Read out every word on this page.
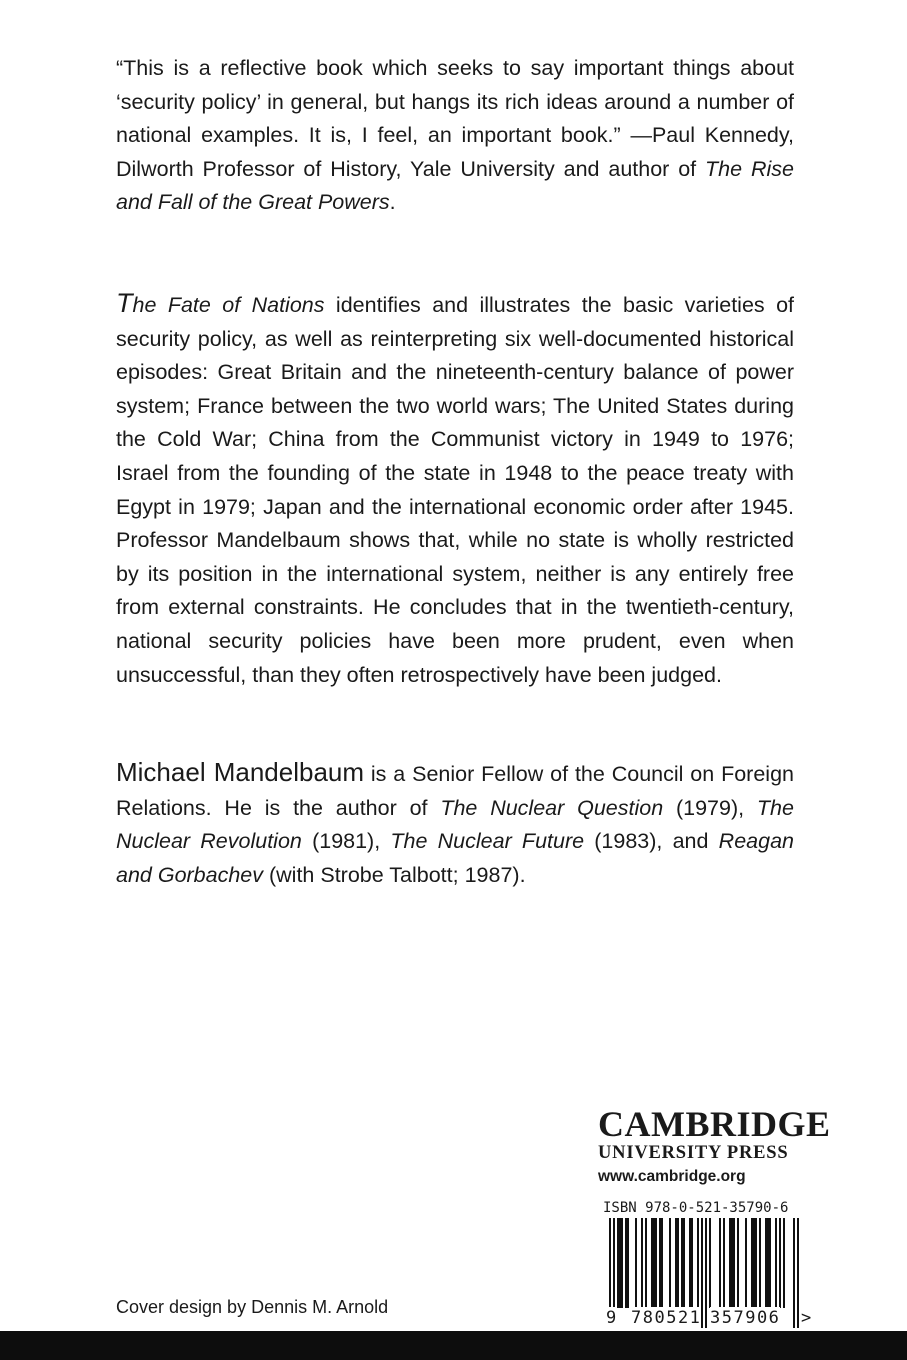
“This is a reflective book which seeks to say important things about ‘security policy’ in general, but hangs its rich ideas around a number of national examples. It is, I feel, an important book.” —Paul Kennedy, Dilworth Professor of History, Yale University and author of The Rise and Fall of the Great Powers.

The Fate of Nations identifies and illustrates the basic varieties of security policy, as well as reinterpreting six well-documented historical episodes: Great Britain and the nineteenth-century balance of power system; France between the two world wars; The United States during the Cold War; China from the Communist victory in 1949 to 1976; Israel from the founding of the state in 1948 to the peace treaty with Egypt in 1979; Japan and the international economic order after 1945. Professor Mandelbaum shows that, while no state is wholly restricted by its position in the international system, neither is any entirely free from external constraints. He concludes that in the twentieth-century, national security policies have been more prudent, even when unsuccessful, than they often retrospectively have been judged.

Michael Mandelbaum is a Senior Fellow of the Council on Foreign Relations. He is the author of The Nuclear Question (1979), The Nuclear Revolution (1981), The Nuclear Future (1983), and Reagan and Gorbachev (with Strobe Talbott; 1987).

Cover design by Dennis M. Arnold
CAMBRIDGE
UNIVERSITY PRESS
www.cambridge.org
ISBN 978-0-521-35790-6
9 780521 357906 >
